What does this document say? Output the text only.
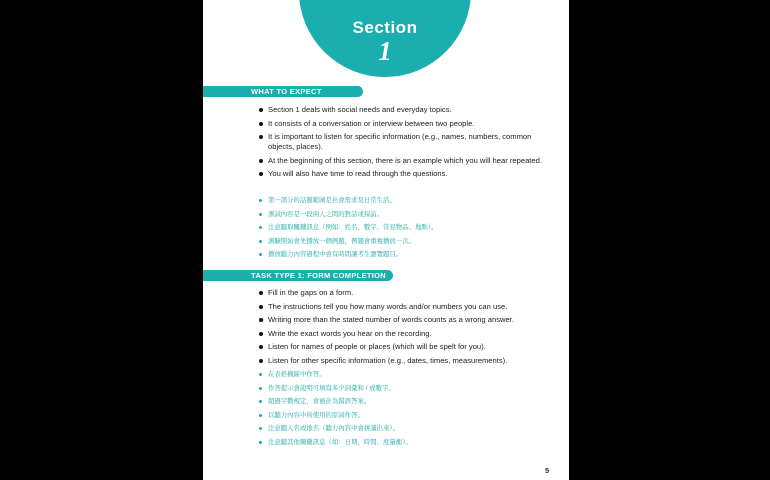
Section
1
WHAT TO EXPECT
Section 1 deals with social needs and everyday topics.
It consists of a conversation or interview between two people.
It is important to listen for specific information (e.g., names, numbers, common objects, places).
At the beginning of this section, there is an example which you will hear repeated.
You will also have time to read through the questions.
第一部分的話題範圍是社會需求及日常生活。
測試內容是一段兩人之間的對話或採訪。
注意聽取關鍵訊息（例如：姓名、數字、常見物品、地點）。
測驗開始會先播放一個例題，例題會重複播放一次。
播放聽力內容過程中會有時間讓考生瀏覽題目。
TASK TYPE 1: FORM COMPLETION
Fill in the gaps on a form.
The instructions tell you how many words and/or numbers you can use.
Writing more than the stated number of words counts as a wrong answer.
Write the exact words you hear on the recording.
Listen for names of people or places (which will be spelt for you).
Listen for other specific information (e.g., dates, times, measurements).
在表格橫線中作答。
作答提示會說明可填寫多少詞彙和 / 或數字。
超過字數規定，會被計為錯誤答案。
以聽力內容中所使用的原詞作答。
注意聽人名或地名（聽力內容中會拼讀出來）。
注意聽其他關鍵訊息（如：日期、時間、度量衡）。
5
